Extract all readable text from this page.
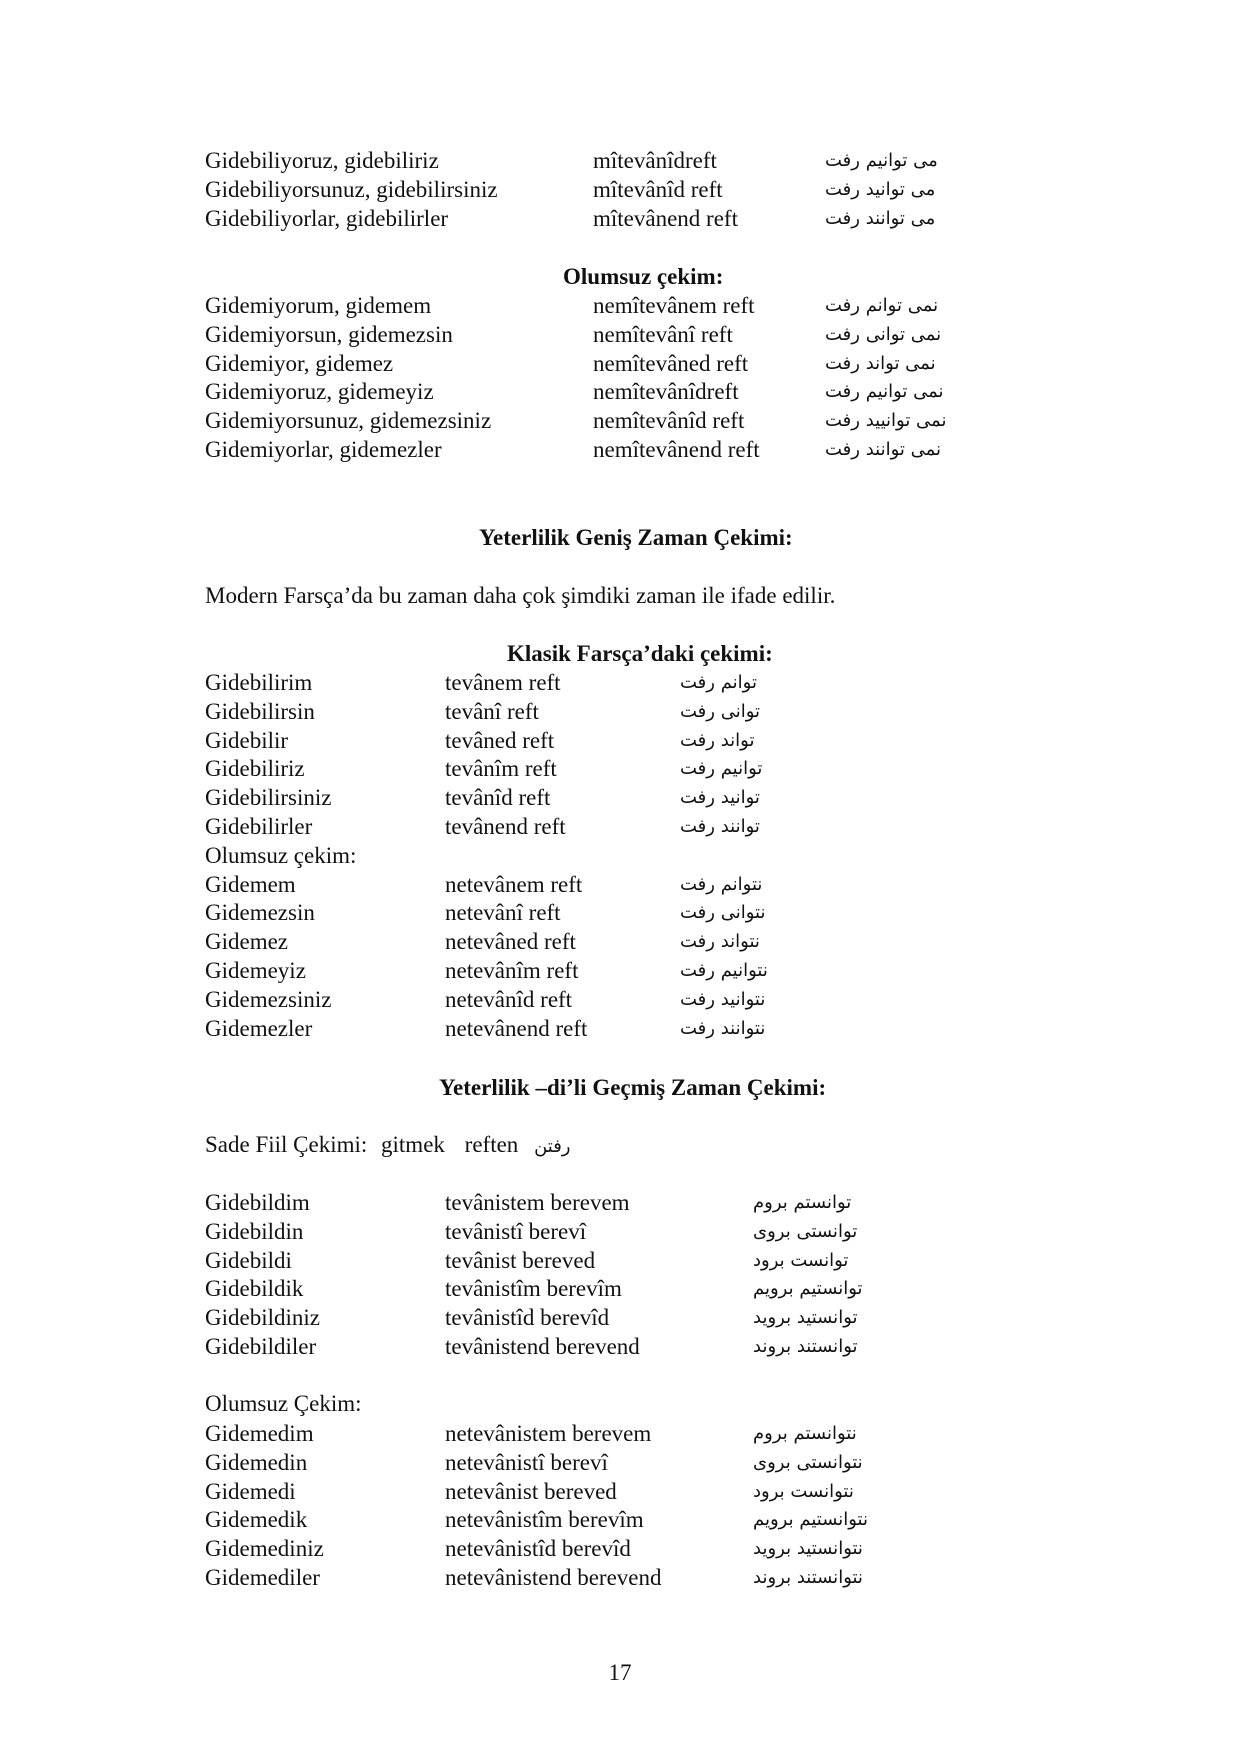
Gidebiliyoruz, gidebiliriz	mîtevânîdreft	می توانیم رفت
Gidebiliyorsunuz, gidebilirsiniz	mîtevânîd reft	می توانید رفت
Gidebiliyorlar, gidebilirler	mîtevânend reft	می توانند رفت
Olumsuz çekim:
Gidemiyorum, gidemem	nemîtevânem reft	نمی توانم رفت
Gidemiyorsun, gidemezsin	nemîtevânî reft	نمی توانی رفت
Gidemiyor, gidemez	nemîtevâned reft	نمی تواند رفت
Gidemiyoruz, gidemeyiz	nemîtevânîdreft	نمی توانیم رفت
Gidemiyorsunuz, gidemezsiniz	nemîtevânîd reft	نمی توانیید رفت
Gidemiyorlar, gidemezler	nemîtevânend reft	نمی توانند رفت
Yeterlilik Geniş Zaman Çekimi:
Modern Farsça’da bu zaman daha çok şimdiki zaman ile ifade edilir.
Klasik Farsça’daki çekimi:
Gidebilirim	tevânem reft	توانم رفت
Gidebilirsin	tevânî reft	توانی رفت
Gidebilir	tevâned reft	تواند رفت
Gidebiliriz	tevânîm reft	توانیم رفت
Gidebilirsiniz	tevânîd reft	توانید رفت
Gidebilirler	tevânend reft	توانند رفت
Olumsuz çekim:
Gidemem	netevânem reft	نتوانم رفت
Gidemezsin	netevânî reft	نتوانی رفت
Gidemez	netevâned reft	نتواند رفت
Gidemeyiz	netevânîm reft	نتوانیم رفت
Gidemezsiniz	netevânîd reft	نتوانید رفت
Gidemezler	netevânend reft	نتوانند رفت
Yeterlilik –di’li Geçmiş Zaman Çekimi:
Sade Fiil Çekimi: gitmek reften رفتن
Gidebildim	tevânistem berevem	توانستم بروم
Gidebildin	tevânistî berevî	توانستی بروی
Gidebildi	tevânist bereved	توانست برود
Gidebildik	tevânistîm berevîm	توانستیم برویم
Gidebildiniz	tevânistîd berevîd	توانستید بروید
Gidebildiler	tevânistend berevend	توانستند بروند
Olumsuz Çekim:
Gidemedim	netevânistem berevem	نتوانستم بروم
Gidemedin	netevânistî berevî	نتوانستی بروی
Gidemedi	netevânist bereved	نتوانست برود
Gidemedik	netevânistîm berevîm	نتوانستیم برویم
Gidemediniz	netevânistîd berevîd	نتوانستید بروید
Gidemediler	netevânistend berevend	نتوانستند بروند
17
